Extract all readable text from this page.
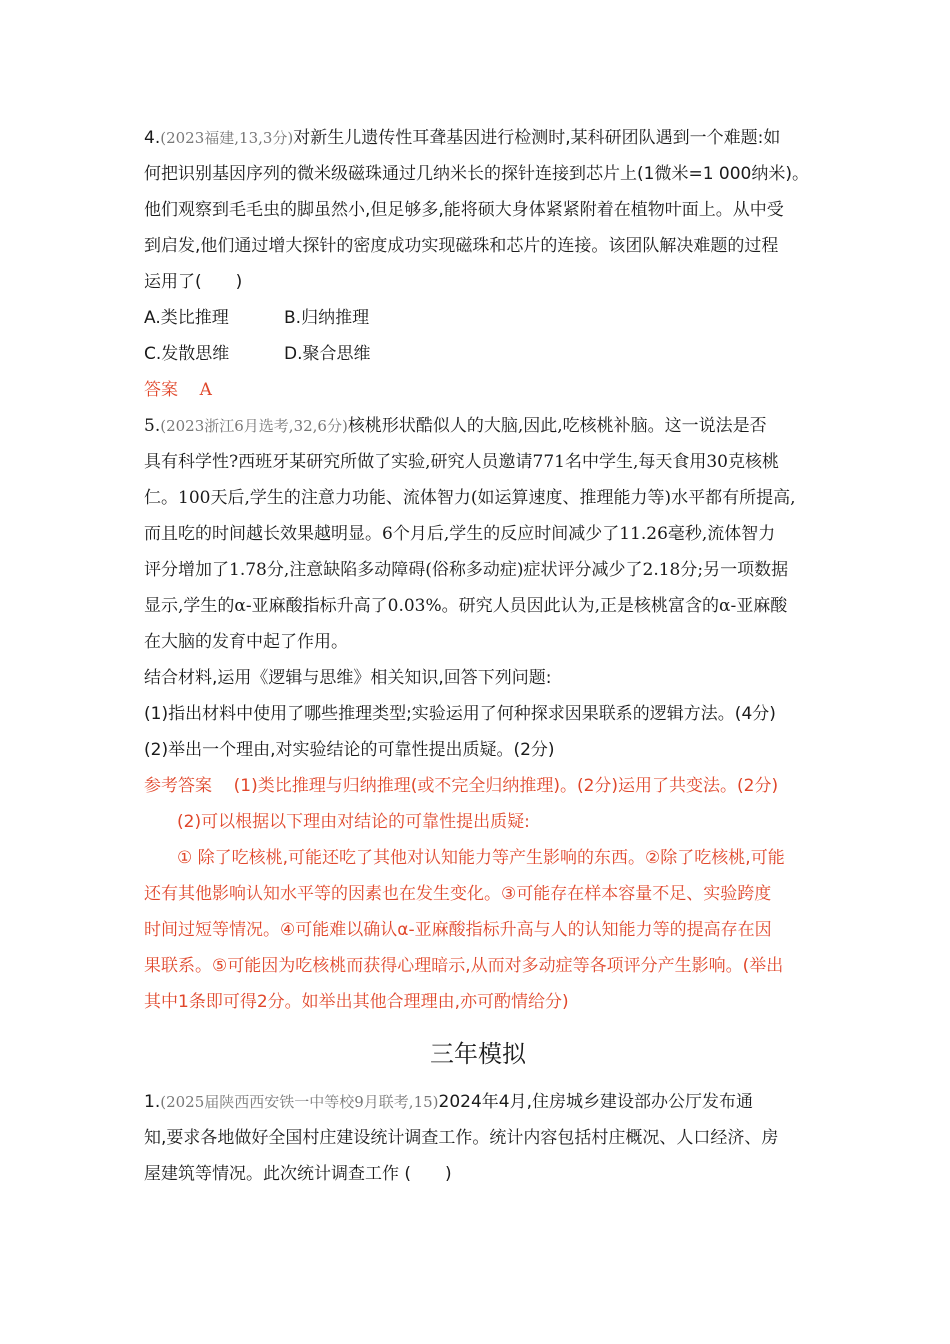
4.(2023福建,13,3分)对新生儿遗传性耳聋基因进行检测时,某科研团队遇到一个难题:如
何把识别基因序列的微米级磁珠通过几纳米长的探针连接到芯片上(1微米=1 000纳米)。
他们观察到毛毛虫的脚虽然小,但足够多,能将硕大身体紧紧附着在植物叶面上。从中受
到启发,他们通过增大探针的密度成功实现磁珠和芯片的连接。该团队解决难题的过程
运用了(　　)
A.类比推理	B.归纳推理
C.发散思维	D.聚合思维
答案 A
5.(2023浙江6月选考,32,6分)核桃形状酷似人的大脑,因此,吃核桃补脑。这一说法是否
具有科学性?西班牙某研究所做了实验,研究人员邀请771名中学生,每天食用30克核桃
仁。100天后,学生的注意力功能、流体智力(如运算速度、推理能力等)水平都有所提高,
而且吃的时间越长效果越明显。6个月后,学生的反应时间减少了11.26毫秒,流体智力
评分增加了1.78分,注意缺陷多动障碍(俗称多动症)症状评分减少了2.18分;另一项数据
显示,学生的α-亚麻酸指标升高了0.03%。研究人员因此认为,正是核桃富含的α-亚麻酸
在大脑的发育中起了作用。
结合材料,运用《逻辑与思维》相关知识,回答下列问题:
(1)指出材料中使用了哪些推理类型;实验运用了何种探求因果联系的逻辑方法。(4分)
(2)举出一个理由,对实验结论的可靠性提出质疑。(2分)
参考答案 (1)类比推理与归纳推理(或不完全归纳推理)。(2分)运用了共变法。(2分)
(2)可以根据以下理由对结论的可靠性提出质疑:
① 除了吃核桃,可能还吃了其他对认知能力等产生影响的东西。②除了吃核桃,可能
还有其他影响认知水平等的因素也在发生变化。③可能存在样本容量不足、实验跨度
时间过短等情况。④可能难以确认α-亚麻酸指标升高与人的认知能力等的提高存在因
果联系。⑤可能因为吃核桃而获得心理暗示,从而对多动症等各项评分产生影响。(举出
其中1条即可得2分。如举出其他合理理由,亦可酌情给分)
三年模拟
1.(2025届陕西西安铁一中等校9月联考,15)2024年4月,住房城乡建设部办公厅发布通
知,要求各地做好全国村庄建设统计调查工作。统计内容包括村庄概况、人口经济、房
屋建筑等情况。此次统计调查工作 (　　)
